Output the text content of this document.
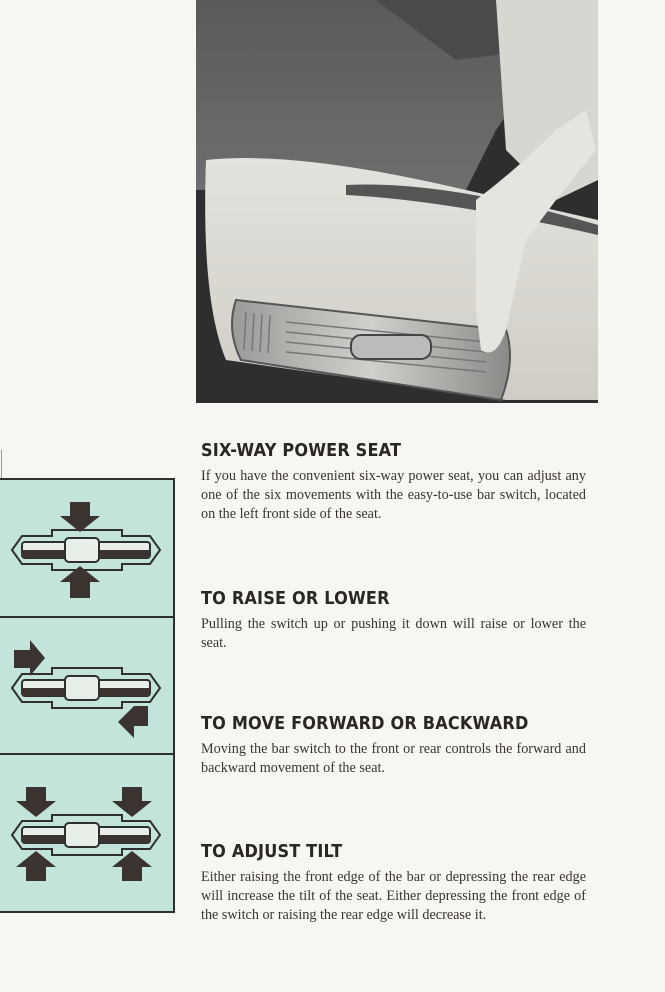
SIX-WAY POWER SEAT

If you have the convenient six-way power seat, you can adjust any one of the six movements with the easy-to-use bar switch, located on the left front side of the seat.

TO RAISE OR LOWER

Pulling the switch up or pushing it down will raise or lower the seat.

TO MOVE FORWARD OR BACKWARD

Moving the bar switch to the front or rear controls the forward and backward movement of the seat.

TO ADJUST TILT

Either raising the front edge of the bar or depressing the rear edge will increase the tilt of the seat. Either depressing the front edge of the switch or raising the rear edge will decrease it.
